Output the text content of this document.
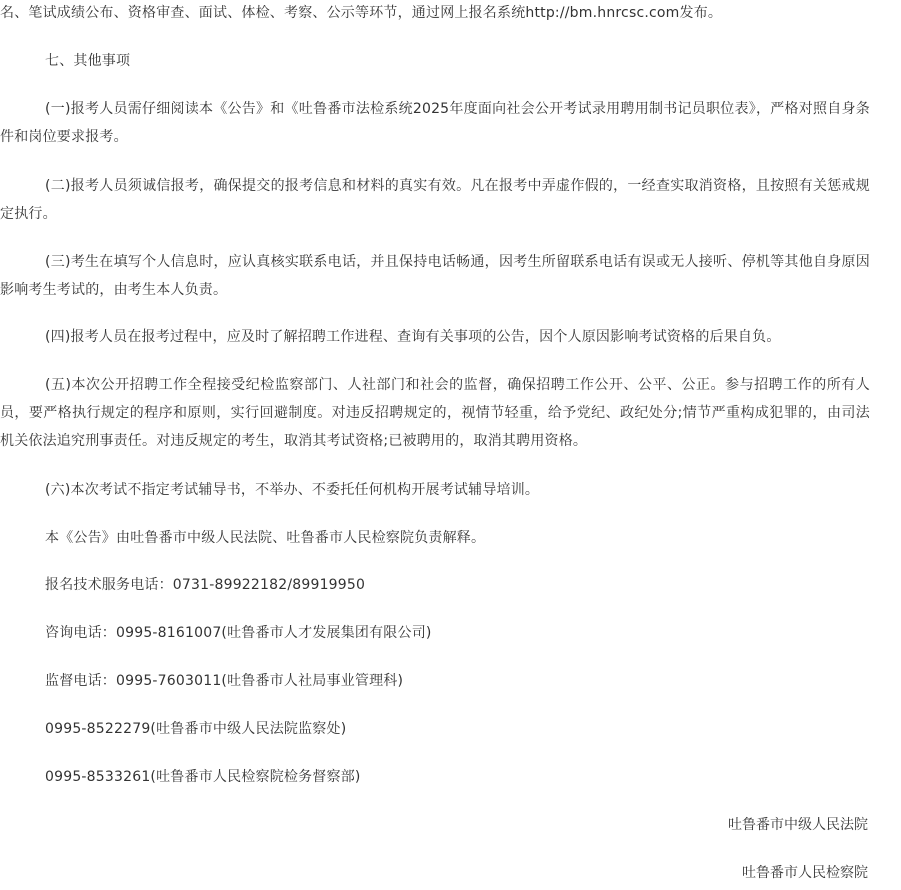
名、笔试成绩公布、资格审查、面试、体检、考察、公示等环节，通过网上报名系统http://bm.hnrcsc.com发布。
七、其他事项
(一)报考人员需仔细阅读本《公告》和《吐鲁番市法检系统2025年度面向社会公开考试录用聘用制书记员职位表》，严格对照自身条件和岗位要求报考。
(二)报考人员须诚信报考，确保提交的报考信息和材料的真实有效。凡在报考中弄虚作假的，一经查实取消资格，且按照有关惩戒规定执行。
(三)考生在填写个人信息时，应认真核实联系电话，并且保持电话畅通，因考生所留联系电话有误或无人接听、停机等其他自身原因影响考生考试的，由考生本人负责。
(四)报考人员在报考过程中，应及时了解招聘工作进程、查询有关事项的公告，因个人原因影响考试资格的后果自负。
(五)本次公开招聘工作全程接受纪检监察部门、人社部门和社会的监督，确保招聘工作公开、公平、公正。参与招聘工作的所有人员，要严格执行规定的程序和原则，实行回避制度。对违反招聘规定的，视情节轻重，给予党纪、政纪处分;情节严重构成犯罪的，由司法机关依法追究刑事责任。对违反规定的考生，取消其考试资格;已被聘用的，取消其聘用资格。
(六)本次考试不指定考试辅导书，不举办、不委托任何机构开展考试辅导培训。
本《公告》由吐鲁番市中级人民法院、吐鲁番市人民检察院负责解释。
报名技术服务电话：0731-89922182/89919950
咨询电话：0995-8161007(吐鲁番市人才发展集团有限公司)
监督电话：0995-7603011(吐鲁番市人社局事业管理科)
0995-8522279(吐鲁番市中级人民法院监察处)
0995-8533261(吐鲁番市人民检察院检务督察部)
吐鲁番市中级人民法院
吐鲁番市人民检察院
